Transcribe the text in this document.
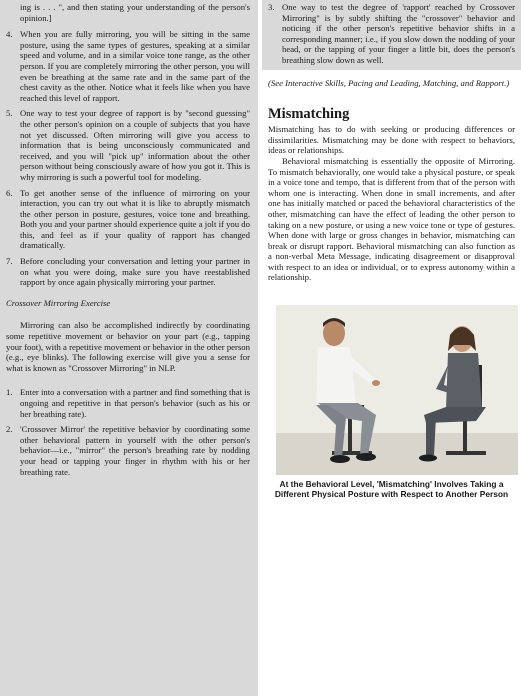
ing is . . . ", and then stating your understanding of the person's opinion.]

4. When you are fully mirroring, you will be sitting in the same posture, using the same types of gestures, speaking at a similar speed and volume, and in a similar voice tone range, as the other person. If you are completely mirroring the other person, you will even be breathing at the same rate and in the same part of the chest cavity as the other. Notice what it feels like when you have reached this level of rapport.
5. One way to test your degree of rapport is by "second guessing" the other person's opinion on a couple of subjects that you have not yet discussed. Often mirroring will give you access to information that is being unconsciously communicated and received, and you will "pick up" information about the other person without being consciously aware of how you got it. This is why mirroring is such a powerful tool for modeling.
6. To get another sense of the influence of mirroring on your interaction, you can try out what it is like to abruptly mismatch the other person in posture, gestures, voice tone and breathing. Both you and your partner should experience quite a jolt if you do this, and feel as if your quality of rapport has changed dramatically.
7. Before concluding your conversation and letting your partner in on what you were doing, make sure you have reestablished rapport by once again physically mirroring your partner.

Crossover Mirroring Exercise

Mirroring can also be accomplished indirectly by coordinating some repetitive movement or behavior on your part (e.g., tapping your foot), with a repetitive movement or behavior in the other person (e.g., eye blinks). The following exercise will give you a sense for what is known as "Crossover Mirroring" in NLP.

1. Enter into a conversation with a partner and find something that is ongoing and repetitive in that person's behavior (such as his or her breathing rate).
2. 'Crossover Mirror' the repetitive behavior by coordinating some other behavioral pattern in yourself with the other person's behavior—i.e., "mirror" the person's breathing rate by nodding your head or tapping your finger in rhythm with his or her breathing rate.
3. One way to test the degree of 'rapport' reached by Crossover Mirroring" is by subtly shifting the "crossover" behavior and noticing if the other person's repetitive behavior shifts in a corresponding manner; i.e., if you slow down the nodding of your head, or the tapping of your finger a little bit, does the person's breathing slow down as well.

(See Interactive Skills, Pacing and Leading, Matching, and Rapport.)

Mismatching

Mismatching has to do with seeking or producing differences or dissimilarities. Mismatching may be done with respect to behaviors, ideas or relationships.

Behavioral mismatching is essentially the opposite of Mirroring. To mismatch behaviorally, one would take a physical posture, or speak in a voice tone and tempo, that is different from that of the person with whom one is interacting. When done in small increments, and after one has initially matched or paced the behavioral characteristics of the other, mismatching can have the effect of leading the other person to taking on a new posture, or using a new voice tone or type of gestures. When done with large or gross changes in behavior, mismatching can break or disrupt rapport. Behavioral mismatching can also function as a non-verbal Meta Message, indicating disagreement or disapproval with respect to an idea or individual, or to express autonomy within a relationship.

At the Behavioral Level, 'Mismatching' Involves Taking a Different Physical Posture with Respect to Another Person
